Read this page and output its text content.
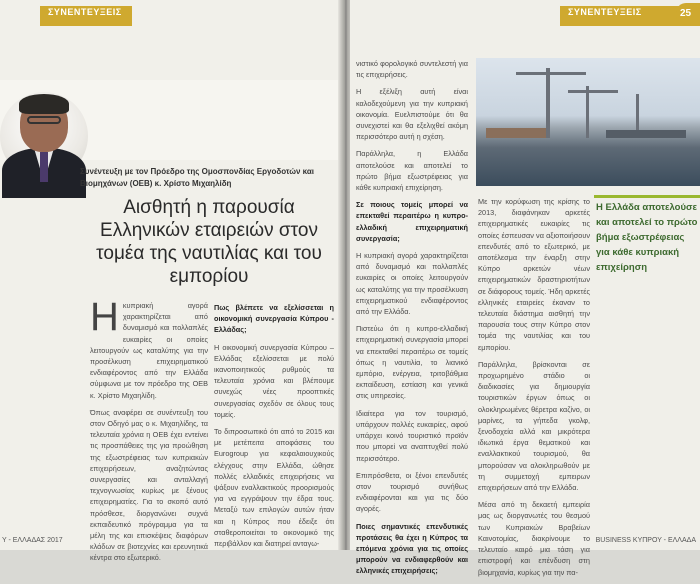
ΣΥΝΕΝΤΕΥΞΕΙΣ
Συνέντευξη με τον Πρόεδρο της Ομοσπονδίας Εργοδοτών και Βιομηχάνων (ΟΕΒ) κ. Χρίστο Μιχαηλίδη
Αισθητή η παρουσία Ελληνικών εταιρειών στον τομέα της ναυτιλίας και του εμπορίου

Ηκυπριακή αγορά χαρακτηρίζεται από δυναμισμό και πολλαπλές ευκαιρίες οι οποίες λειτουργούν ως καταλύτης για την προσέλκυση επιχειρηματικού ενδιαφέροντος από την Ελλάδα σύμφωνα με τον πρόεδρο της ΟΕΒ κ. Χρίστο Μιχαηλίδη.

Όπως αναφέρει σε συνέντευξη του στον Οδηγό μας ο κ. Μιχαηλίδης, τα τελευταία χρόνια η ΟΕΒ έχει εντείνει τις προσπάθειες της για προώθηση της εξωστρέφειας των κυπριακών επιχειρήσεων, αναζητώντας συνεργασίες και ανταλλαγή τεχνογνωσίας κυρίως με ξένους επιχειρηματίες. Για το σκοπό αυτό πρόσθεσε, διοργανώνει συχνά εκπαιδευτικό πρόγραμμα για τα μέλη της και επισκέψεις διαφόρων κλάδων σε βιοτεχνίες και ερευνητικά κέντρα στο εξωτερικό.

Πως βλέπετε να εξελίσσεται η οικονομική συνεργασία Κύπρου - Ελλάδας;

Η οικονομική συνεργασία Κύπρου – Ελλάδας εξελίσσεται με πολύ ικανοποιητικούς ρυθμούς τα τελευταία χρόνια και βλέπουμε συνεχώς νέες προοπτικές συνεργασίας σχεδόν σε όλους τους τομείς.

Το διπροσωπικό ότι από το 2015 και με μετέπειτα αποφάσεις του Eurogroup για κεφαλαιουχικούς ελέγχους στην Ελλάδα, ώθησε πολλές ελλαδικές επιχειρήσεις να ψάξουν εναλλακτικούς προορισμούς για να εγγράψουν την έδρα τους. Μεταξύ των επιλογών αυτών ήταν και η Κύπρος που έδειξε ότι σταθεροποιείται το οικονομικό της περιβάλλον και διατηρεί ανταγω-

Υ - ΕΛΛΑΔΑΣ 2017
ΣΥΝΕΝΤΕΥΞΕΙΣ	25

νιστικό φορολογικό συντελεστή για τις επιχειρήσεις.

Η εξέλιξη αυτή είναι καλοδεχούμενη για την κυπριακή οικονομία. Ευελπιστούμε ότι θα συνεχιστεί και θα εξελιχθεί ακόμη περισσότερο αυτή η σχέση.

Παράλληλα, η Ελλάδα αποτελούσε και αποτελεί το πρώτο βήμα εξωστρέφειας για κάθε κυπριακή επιχείρηση.

Σε ποιους τομείς μπορεί να επεκταθεί περαιτέρω η κυπρο-ελλαδική επιχειρηματική συνεργασία;

Η κυπριακή αγορά χαρακτηρίζεται από δυναμισμό και πολλαπλές ευκαιρίες οι οποίες λειτουργούν ως καταλύτης για την προσέλκυση επιχειρηματικού ενδιαφέροντος από την Ελλάδα.

Πιστεύω ότι η κυπρο-ελλαδική επιχειρηματική συνεργασία μπορεί να επεκταθεί περαιτέρω σε τομείς όπως η ναυτιλία, το λιανικό εμπόριο, ενέργεια, τριτοβάθμια εκπαίδευση, εστίαση και γενικά στις υπηρεσίες.

Ιδιαίτερα για τον τουρισμό, υπάρχουν πολλές ευκαιρίες, αφού υπάρχει κοινό τουριστικό προϊόν που μπορεί να αναπτυχθεί πολύ περισσότερο.

Επιπρόσθετα, οι ξένοι επενδυτές στον τουρισμό συνήθως ενδιαφέρονται και για τις δύο αγορές.

Ποιες σημαντικές επενδυτικές προτάσεις θα έχει η Κύπρος τα επόμενα χρόνια για τις οποίες μπορούν να ενδιαφερθούν και ελληνικές επιχειρήσεις;

Με την κορύφωση της κρίσης το 2013, διαφάνηκαν αρκετές επιχειρηματικές ευκαιρίες τις οποίες έσπευσαν να αξιοποιήσουν επενδυτές από το εξωτερικό, με αποτέλεσμα την έναρξη στην Κύπρο αρκετών νέων επιχειρηματικών δραστηριοτήτων σε διάφορους τομείς. Ήδη αρκετές ελληνικές εταιρείες έκαναν το τελευταία διάστημα αισθητή την παρουσία τους στην Κύπρο στον τομέα της ναυτιλίας και του εμπορίου.

Παράλληλα, βρίσκονται σε προχωρημένο στάδιο οι διαδικασίες για δημιουργία τουριστικών έργων όπως οι ολοκληρωμένες θέρετρα καζίνο, οι μαρίνες, τα γήπεδα γκολφ, ξενοδοχεία αλλά και μικρότερα ιδιωτικά έργα θεματικού και εναλλακτικού τουρισμού, θα μπορούσαν να αλοκληρωθούν με τη συμμετοχή εμπειρων επιχειρήσεων από την Ελλάδα.

Μέσα από τη δεκαετή εμπειρία μας ως διοργανωτές του θεσμού των Κυπριακών Βραβείων Καινοτομίας, διακρίνουμε το τελευταίο καιρό μια τάση για επιστροφή και επένδυση στη βιομηχανία, κυρίως για την πα-

Η Ελλάδα αποτελούσε και αποτελεί το πρώτο βήμα εξωστρέφειας για κάθε κυπριακή επιχείρηση
BUSINESS ΚΥΠΡΟΥ - ΕΛΛΑΔΑ
